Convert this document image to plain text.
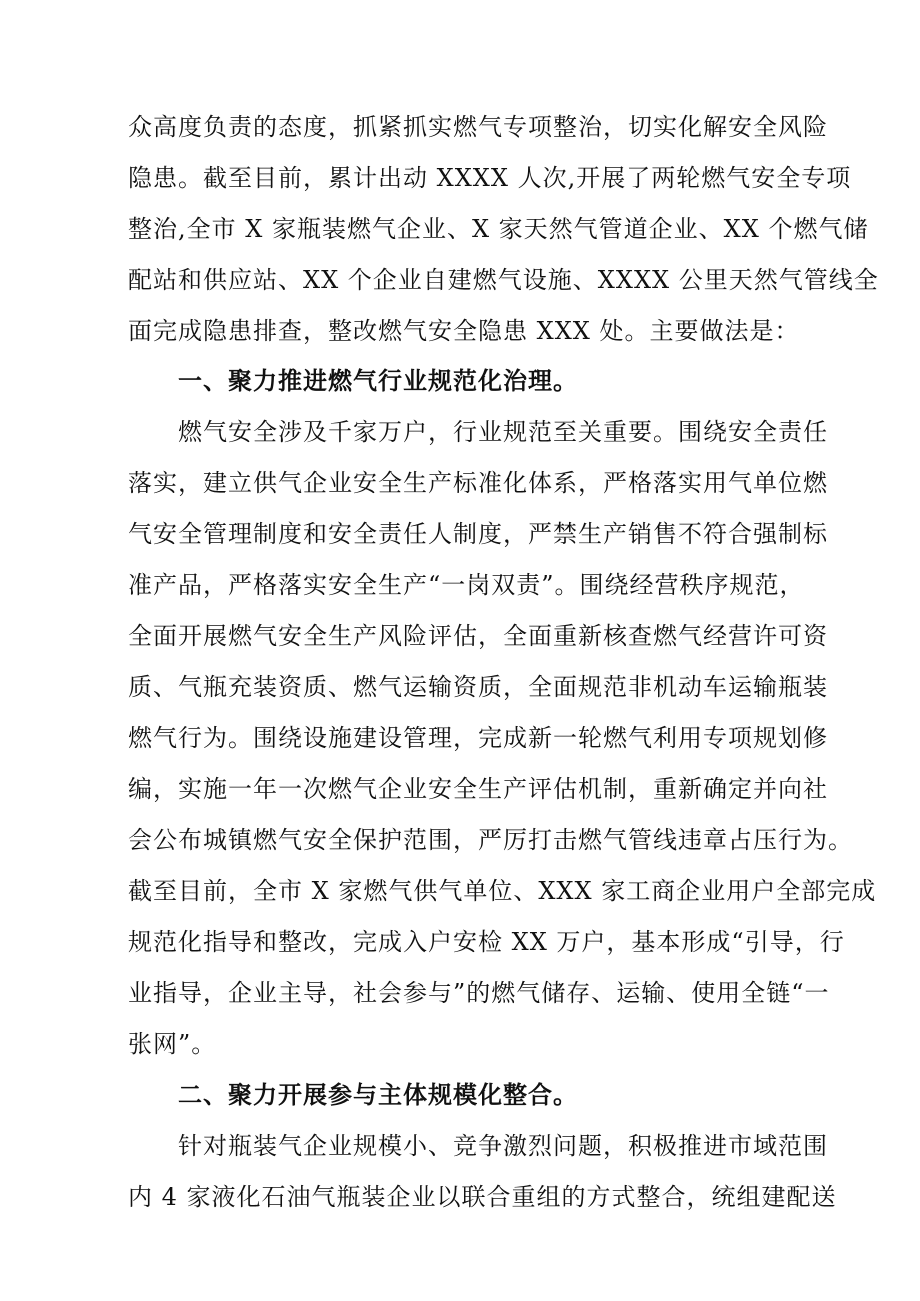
众高度负责的态度，抓紧抓实燃气专项整治，切实化解安全风险
隐患。截至目前，累计出动 XXXX 人次,开展了两轮燃气安全专项
整治,全市 X 家瓶装燃气企业、X 家天然气管道企业、XX 个燃气储
配站和供应站、XX 个企业自建燃气设施、XXXX 公里天然气管线全
面完成隐患排查，整改燃气安全隐患 XXX 处。主要做法是：
一、聚力推进燃气行业规范化治理。
燃气安全涉及千家万户，行业规范至关重要。围绕安全责任
落实，建立供气企业安全生产标准化体系，严格落实用气单位燃
气安全管理制度和安全责任人制度，严禁生产销售不符合强制标
准产品，严格落实安全生产“一岗双责”。围绕经营秩序规范，
全面开展燃气安全生产风险评估，全面重新核查燃气经营许可资
质、气瓶充装资质、燃气运输资质，全面规范非机动车运输瓶装
燃气行为。围绕设施建设管理，完成新一轮燃气利用专项规划修
编，实施一年一次燃气企业安全生产评估机制，重新确定并向社
会公布城镇燃气安全保护范围，严厉打击燃气管线违章占压行为。
截至目前，全市 X 家燃气供气单位、XXX 家工商企业用户全部完成
规范化指导和整改，完成入户安检 XX 万户，基本形成“引导，行
业指导，企业主导，社会参与”的燃气储存、运输、使用全链“一
张网”。
二、聚力开展参与主体规模化整合。
针对瓶装气企业规模小、竞争激烈问题，积极推进市域范围
内 4 家液化石油气瓶装企业以联合重组的方式整合，统组建配送
